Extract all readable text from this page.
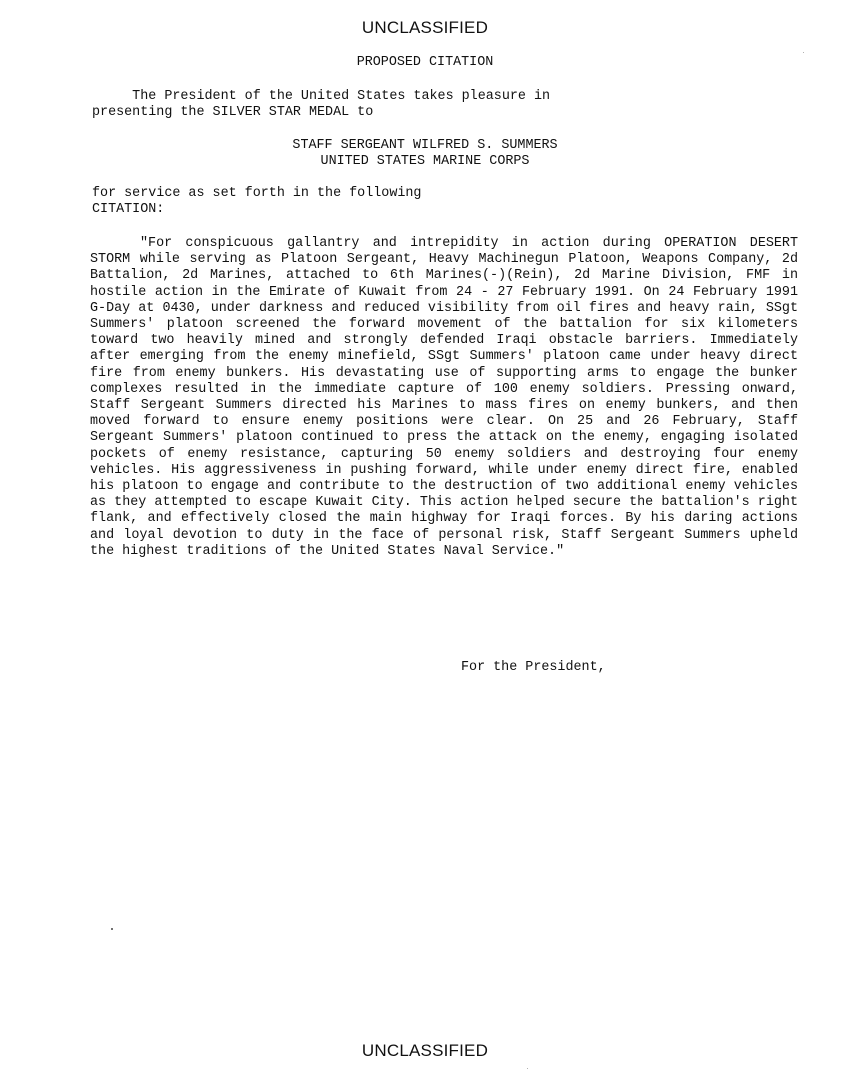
UNCLASSIFIED
PROPOSED CITATION
The President of the United States takes pleasure in
presenting the SILVER STAR MEDAL to
STAFF SERGEANT WILFRED S. SUMMERS
UNITED STATES MARINE CORPS
for service as set forth in the following
CITATION:
"For conspicuous gallantry and intrepidity in action during OPERATION DESERT STORM while serving as Platoon Sergeant, Heavy Machinegun Platoon, Weapons Company, 2d Battalion, 2d Marines, attached to 6th Marines(-)(Rein), 2d Marine Division, FMF in hostile action in the Emirate of Kuwait from 24 - 27 February 1991. On 24 February 1991 G-Day at 0430, under darkness and reduced visibility from oil fires and heavy rain, SSgt Summers' platoon screened the forward movement of the battalion for six kilometers toward two heavily mined and strongly defended Iraqi obstacle barriers. Immediately after emerging from the enemy minefield, SSgt Summers' platoon came under heavy direct fire from enemy bunkers. His devastating use of supporting arms to engage the bunker complexes resulted in the immediate capture of 100 enemy soldiers. Pressing onward, Staff Sergeant Summers directed his Marines to mass fires on enemy bunkers, and then moved forward to ensure enemy positions were clear. On 25 and 26 February, Staff Sergeant Summers' platoon continued to press the attack on the enemy, engaging isolated pockets of enemy resistance, capturing 50 enemy soldiers and destroying four enemy vehicles. His aggressiveness in pushing forward, while under enemy direct fire, enabled his platoon to engage and contribute to the destruction of two additional enemy vehicles as they attempted to escape Kuwait City. This action helped secure the battalion's right flank, and effectively closed the main highway for Iraqi forces. By his daring actions and loyal devotion to duty in the face of personal risk, Staff Sergeant Summers upheld the highest traditions of the United States Naval Service."
For the President,
UNCLASSIFIED
